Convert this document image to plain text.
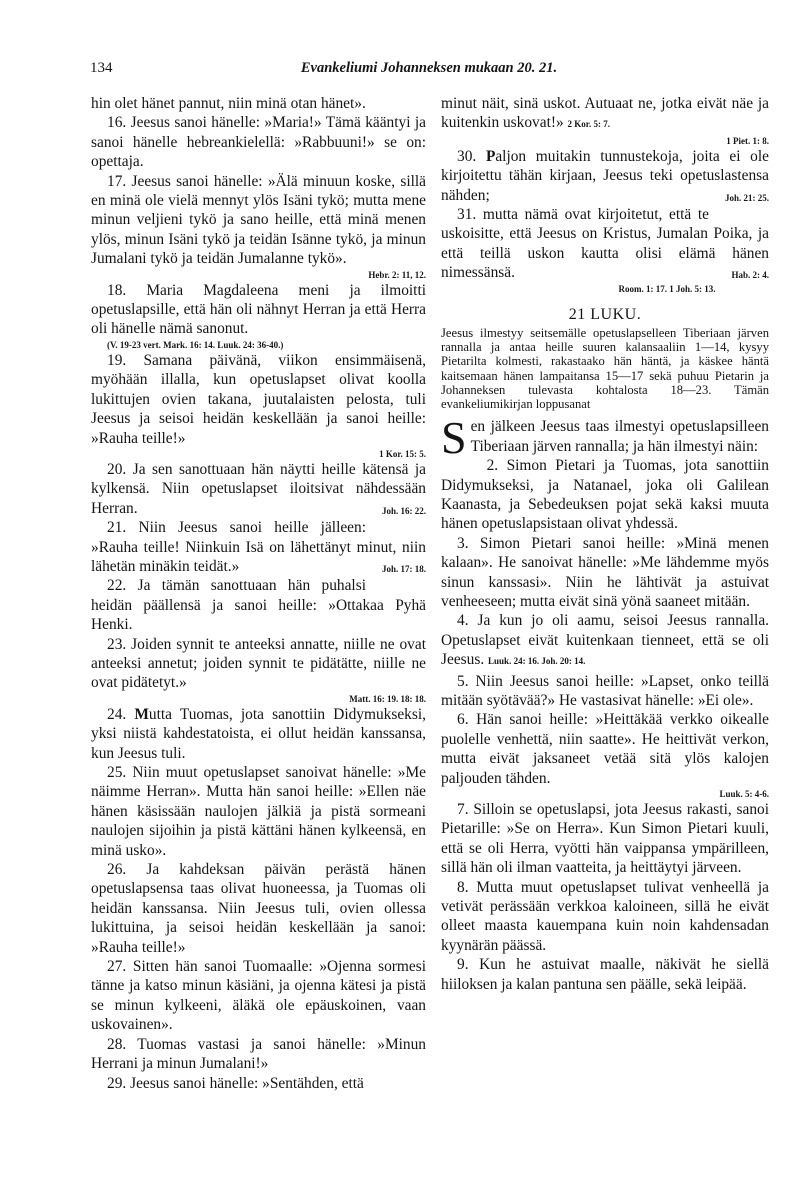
134	Evankeliumi Johanneksen mukaan 20. 21.

hin olet hänet pannut, niin minä otan hänet».

16. Jeesus sanoi hänelle: »Maria!» Tämä kääntyi ja sanoi hänelle hebreankielellä: »Rabbuuni!» se on: opettaja.

17. Jeesus sanoi hänelle: »Älä minuun koske, sillä en minä ole vielä mennyt ylös Isäni tykö; mutta mene minun veljieni tykö ja sano heille, että minä menen ylös, minun Isäni tykö ja teidän Isänne tykö, ja minun Jumalani tykö ja teidän Jumalanne tykö».

Hebr. 2: 11, 12.

18. Maria Magdaleena meni ja ilmoitti opetuslapsille, että hän oli nähnyt Herran ja että Herra oli hänelle nämä sanonut.

(V. 19-23 vert. Mark. 16: 14. Luuk. 24: 36-40.)

19. Samana päivänä, viikon ensimmäisenä, myöhään illalla, kun opetuslapset olivat koolla lukittujen ovien takana, juutalaisten pelosta, tuli Jeesus ja seisoi heidän keskellään ja sanoi heille: »Rauha teille!»

1 Kor. 15: 5.

20. Ja sen sanottuaan hän näytti heille kätensä ja kylkensä. Niin opetuslapset iloitsivat nähdessään Herran.	Joh. 16: 22.

21. Niin Jeesus sanoi heille jälleen: »Rauha teille! Niinkuin Isä on lähettänyt minut, niin lähetän minäkin teidät.»	Joh. 17: 18.

22. Ja tämän sanottuaan hän puhalsi heidän päällensä ja sanoi heille: »Ottakaa Pyhä Henki.

23. Joiden synnit te anteeksi annatte, niille ne ovat anteeksi annetut; joiden synnit te pidätätte, niille ne ovat pidätetyt.»

Matt. 16: 19. 18: 18.

24. Mutta Tuomas, jota sanottiin Didymukseksi, yksi niistä kahdestatoista, ei ollut heidän kanssansa, kun Jeesus tuli.

25. Niin muut opetuslapset sanoivat hänelle: »Me näimme Herran». Mutta hän sanoi heille: »Ellen näe hänen käsissään naulojen jälkiä ja pistä sormeani naulojen sijoihin ja pistä kättäni hänen kylkeensä, en minä usko».

26. Ja kahdeksan päivän perästä hänen opetuslapsensa taas olivat huoneessa, ja Tuomas oli heidän kanssansa. Niin Jeesus tuli, ovien ollessa lukittuina, ja seisoi heidän keskellään ja sanoi: »Rauha teille!»

27. Sitten hän sanoi Tuomaalle: »Ojenna sormesi tänne ja katso minun käsiäni, ja ojenna kätesi ja pistä se minun kylkeeni, äläkä ole epäuskoinen, vaan uskovainen».

28. Tuomas vastasi ja sanoi hänelle: »Minun Herrani ja minun Jumalani!»

29. Jeesus sanoi hänelle: »Sentähden, että

minut näit, sinä uskot. Autuaat ne, jotka eivät näe ja kuitenkin uskovat!» 2 Kor. 5: 7.

1 Piet. 1: 8.

30. Paljon muitakin tunnustekoja, joita ei ole kirjoitettu tähän kirjaan, Jeesus teki opetuslastensa nähden;	Joh. 21: 25.

31. mutta nämä ovat kirjoitetut, että te uskoisitte, että Jeesus on Kristus, Jumalan Poika, ja että teillä uskon kautta olisi elämä hänen nimessänsä.	Hab. 2: 4.

Room. 1: 17. 1 Joh. 5: 13.

21 LUKU.

Jeesus ilmestyy seitsemälle opetuslapselleen Tiberiaan järven rannalla ja antaa heille suuren kalansaaliin 1—14, kysyy Pietarilta kolmesti, rakastaako hän häntä, ja käskee häntä kaitsemaan hänen lampaitansa 15—17 sekä puhuu Pietarin ja Johanneksen tulevasta kohtalosta 18—23. Tämän evankeliumikirjan loppusanat

Sen jälkeen Jeesus taas ilmestyi opetuslapsilleen Tiberiaan järven rannalla; ja hän ilmestyi näin:

2. Simon Pietari ja Tuomas, jota sanottiin Didymukseksi, ja Natanael, joka oli Galilean Kaanasta, ja Sebedeuksen pojat sekä kaksi muuta hänen opetuslapsistaan olivat yhdessä.

3. Simon Pietari sanoi heille: »Minä menen kalaan». He sanoivat hänelle: »Me lähdemme myös sinun kanssasi». Niin he lähtivät ja astuivat venheeseen; mutta eivät sinä yönä saaneet mitään.

4. Ja kun jo oli aamu, seisoi Jeesus rannalla. Opetuslapset eivät kuitenkaan tienneet, että se oli Jeesus. Luuk. 24: 16. Joh. 20: 14.

5. Niin Jeesus sanoi heille: »Lapset, onko teillä mitään syötävää?» He vastasivat hänelle: »Ei ole».

6. Hän sanoi heille: »Heittäkää verkko oikealle puolelle venhettä, niin saatte». He heittivät verkon, mutta eivät jaksaneet vetää sitä ylös kalojen paljouden tähden.

Luuk. 5: 4-6.

7. Silloin se opetuslapsi, jota Jeesus rakasti, sanoi Pietarille: »Se on Herra». Kun Simon Pietari kuuli, että se oli Herra, vyötti hän vaippansa ympärilleen, sillä hän oli ilman vaatteita, ja heittäytyi järveen.

8. Mutta muut opetuslapset tulivat venheellä ja vetivät perässään verkkoa kaloineen, sillä he eivät olleet maasta kauempana kuin noin kahdensadan kyynärän päässä.

9. Kun he astuivat maalle, näkivät he siellä hiiloksen ja kalan pantuna sen päälle, sekä leipää.
